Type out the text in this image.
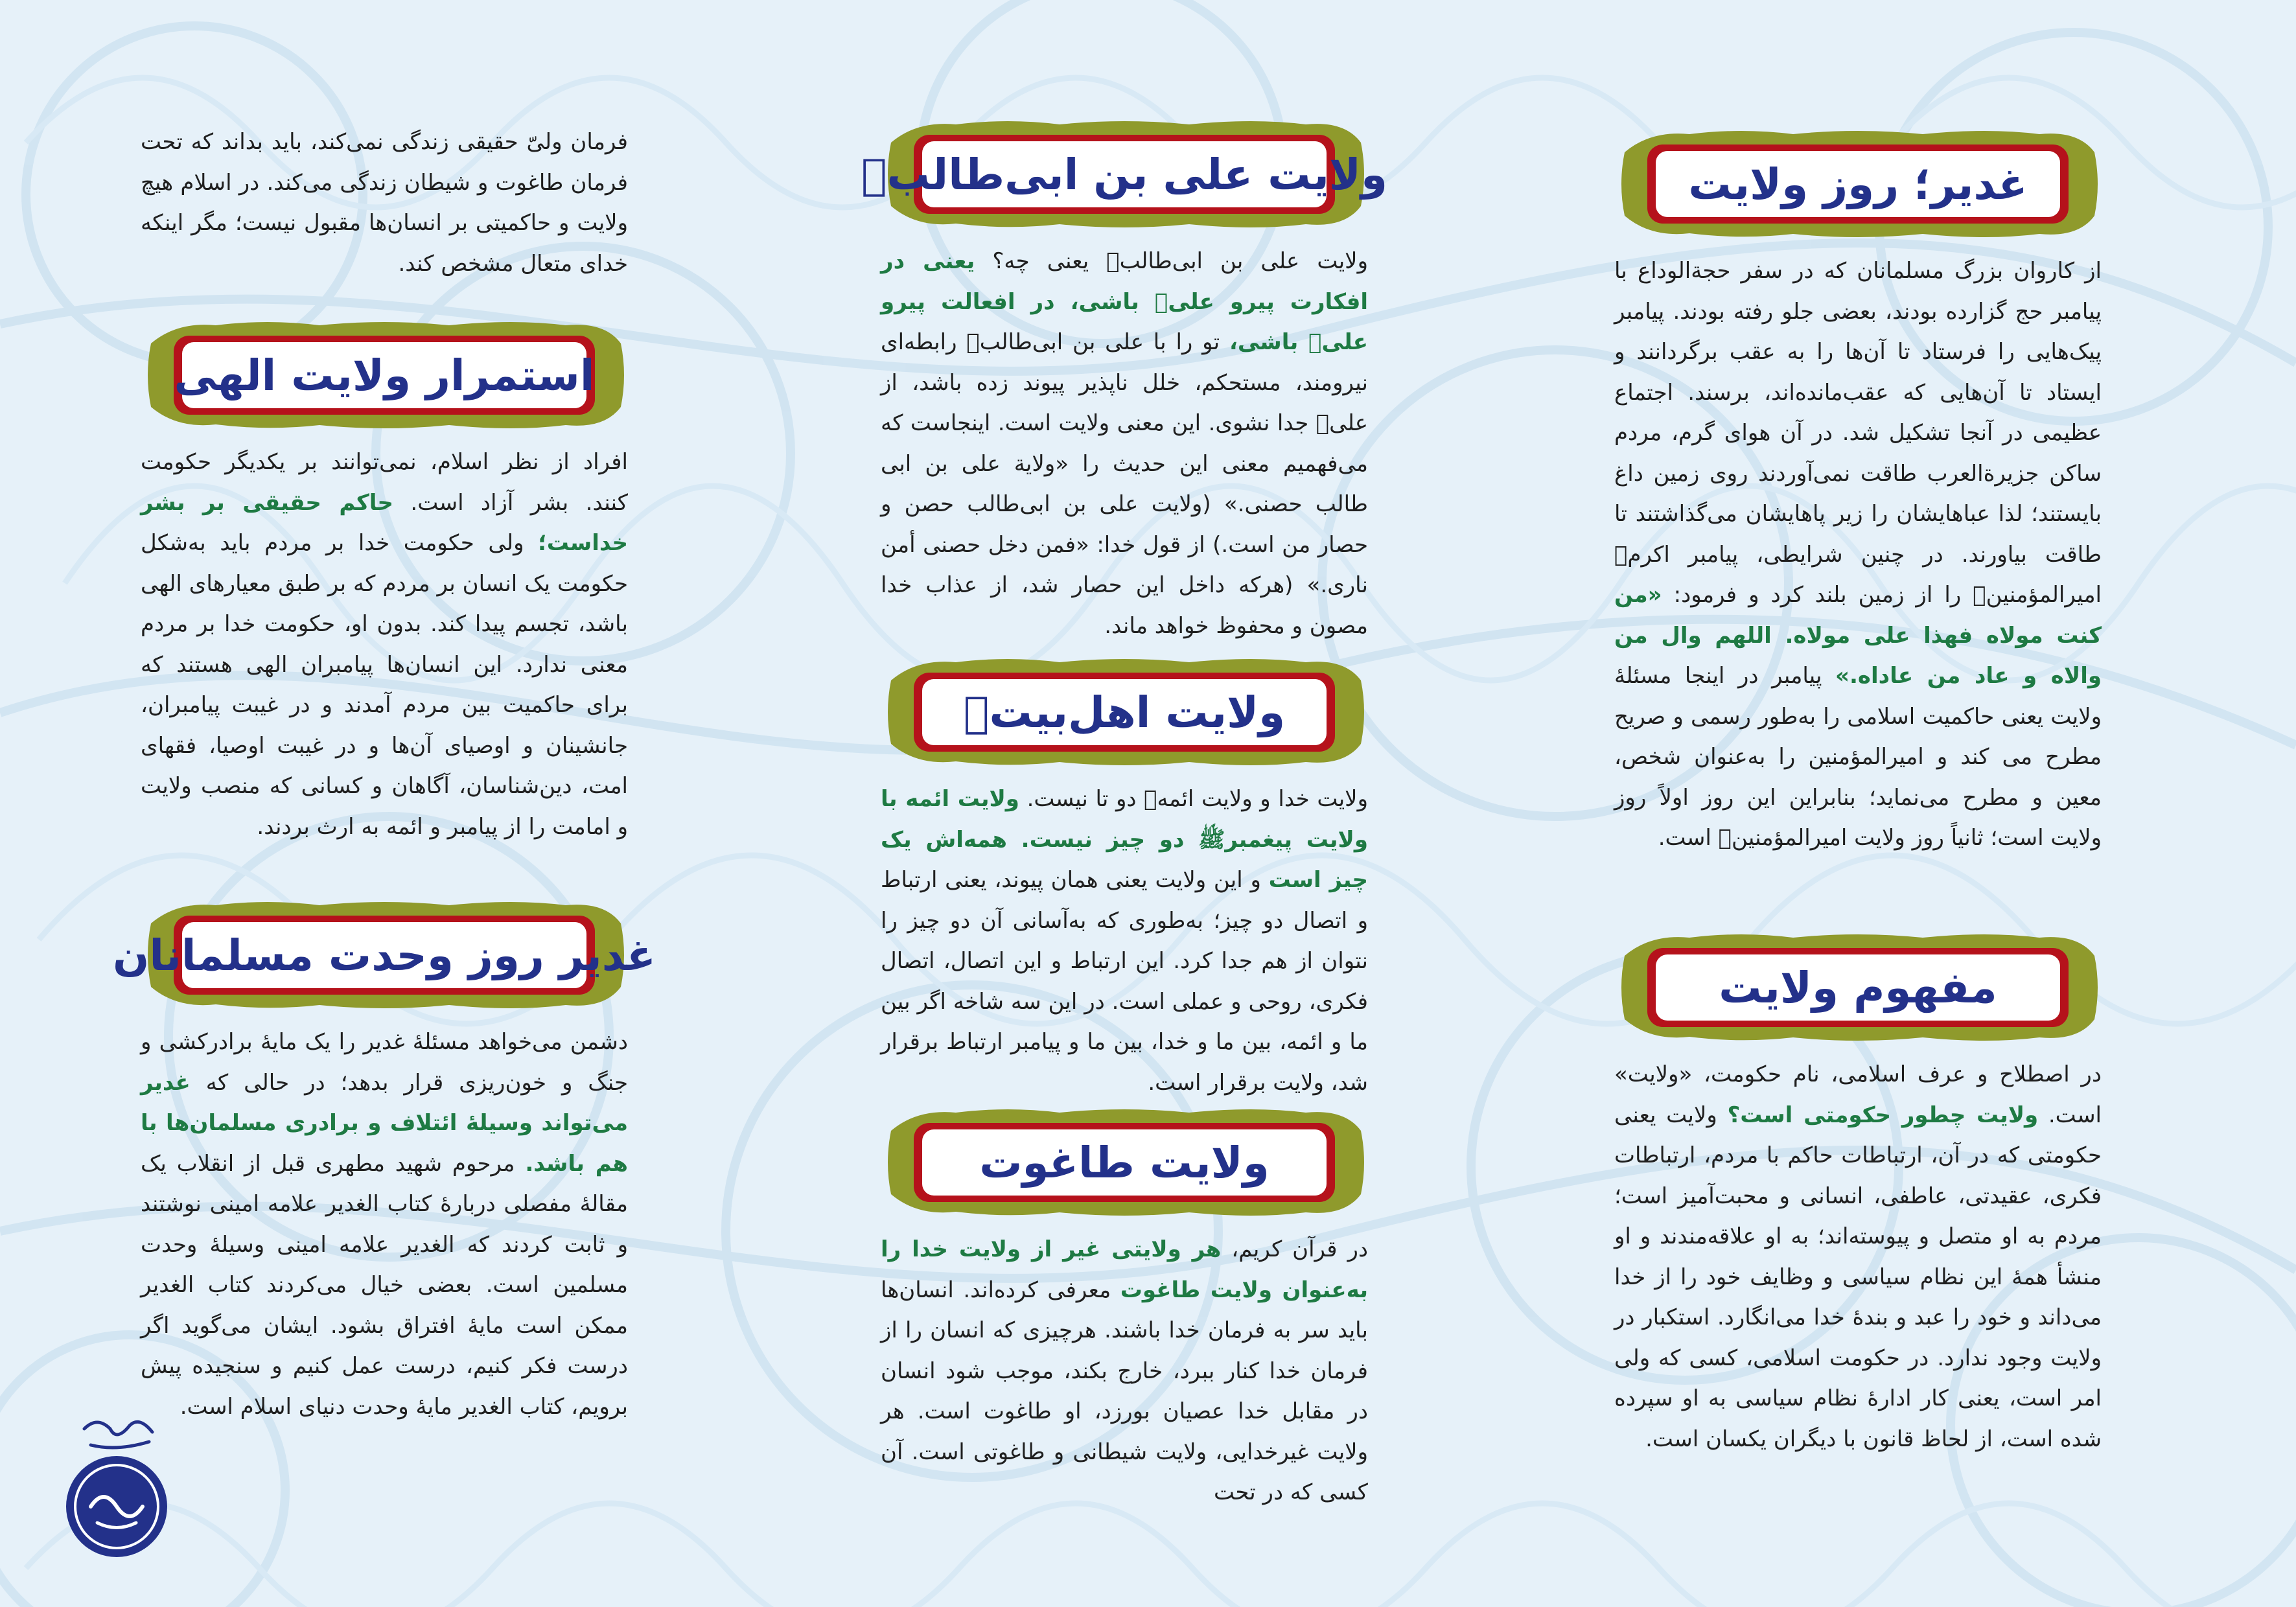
غدیر؛ روز ولایت
از کاروان بزرگ مسلمانان که در سفر حجة‌الوداع با پیامبر حج گزارده بودند، بعضی جلو رفته بودند. پیامبر پیک‌هایی را فرستاد تا آن‌ها را به عقب برگردانند و ایستاد تا آن‌هایی که عقب‌مانده‌اند، برسند. اجتماع عظیمی در آنجا تشکیل شد. در آن هوای گرم، مردم ساکن جزیرة‌العرب طاقت نمی‌آوردند روی زمین داغ بایستند؛ لذا عباهایشان را زیر پاهایشان می‌گذاشتند تا طاقت بیاورند. در چنین شرایطی، پیامبر اکرمﷺ امیرالمؤمنینؑ را از زمین بلند کرد و فرمود: «من کنت مولاه فهذا علی مولاه. اللهم وال من والاه و عاد من عاداه.» پیامبر در اینجا مسئلهٔ ولایت یعنی حاکمیت اسلامی را به‌طور رسمی و صریح مطرح می کند و امیرالمؤمنین را به‌عنوان شخص، معین و مطرح می‌نماید؛ بنابراین این روز اولاً روز ولایت است؛ ثانیاً روز ولایت امیرالمؤمنینؑ است.
مفهوم ولایت
در اصطلاح و عرف اسلامی، نام حکومت، «ولایت» است. ولایت چطور حکومتی است؟ ولایت یعنی حکومتی که در آن، ارتباطات حاکم با مردم، ارتباطات فکری، عقیدتی، عاطفی، انسانی و محبت‌آمیز است؛ مردم به او متصل و پیوسته‌اند؛ به او علاقه‌مندند و او منشأ همهٔ این نظام سیاسی و وظایف خود را از خدا می‌داند و خود را عبد و بندهٔ خدا می‌انگارد. استکبار در ولایت وجود ندارد. در حکومت اسلامی، کسی که ولی امر است، یعنی کار ادارهٔ نظام سیاسی به او سپرده شده است، از لحاظ قانون با دیگران یکسان است.
ولایت علی بن ابی‌طالبؑ
ولایت علی بن ابی‌طالبؑ یعنی چه؟ یعنی در افکارت پیرو علیؑ باشی، در افعالت پیرو علیؑ باشی، تو را با علی بن ابی‌طالبؑ رابطه‌ای نیرومند، مستحکم، خلل ناپذیر پیوند زده باشد، از علیؑ جدا نشوی. این معنی ولایت است. اینجاست که می‌فهمیم معنی این حدیث را «ولایة علی بن ابی طالب حصنی.» (ولایت علی بن ابی‌طالب حصن و حصار من است.) از قول خدا: «فمن دخل حصنی أمن ناری.» (هرکه داخل این حصار شد، از عذاب خدا مصون و محفوظ خواهد ماند.
ولایت اهل‌بیتؑ
ولایت خدا و ولایت ائمهؑ دو تا نیست. ولایت ائمه با ولایت پیغمبرﷺ دو چیز نیست. همه‌اش یک چیز است و این ولایت یعنی همان پیوند، یعنی ارتباط و اتصال دو چیز؛ به‌طوری که به‌آسانی آن دو چیز را نتوان از هم جدا کرد. این ارتباط و این اتصال، اتصال فکری، روحی و عملی است. در این سه شاخه اگر بین ما و ائمه، بین ما و خدا، بین ما و پیامبر ارتباط برقرار شد، ولایت برقرار است.
ولایت طاغوت
در قرآن کریم، هر ولایتی غیر از ولایت خدا را به‌عنوان ولایت طاغوت معرفی کرده‌اند. انسان‌ها باید سر به فرمان خدا باشند. هرچیزی که انسان را از فرمان خدا کنار ببرد، خارج بکند، موجب شود انسان در مقابل خدا عصیان بورزد، او طاغوت است. هر ولایت غیرخدایی، ولایت شیطانی و طاغوتی است. آن کسی که در تحت
فرمان ولیّ حقیقی زندگی نمی‌کند، باید بداند که تحت فرمان طاغوت و شیطان زندگی می‌کند. در اسلام هیچ ولایت و حاکمیتی بر انسان‌ها مقبول نیست؛ مگر اینکه خدای متعال مشخص کند.
استمرار ولایت الهی
افراد از نظر اسلام، نمی‌توانند بر یکدیگر حکومت کنند. بشر آزاد است. حاکم حقیقی بر بشر خداست؛ ولی حکومت خدا بر مردم باید به‌شکل حکومت یک انسان بر مردم که بر طبق معیارهای الهی باشد، تجسم پیدا کند. بدون او، حکومت خدا بر مردم معنی ندارد. این انسان‌ها پیامبران الهی هستند که برای حاکمیت بین مردم آمدند و در غیبت پیامبران، جانشینان و اوصیای آن‌ها و در غیبت اوصیا، فقهای امت، دین‌شناسان، آگاهان و کسانی که منصب ولایت و امامت را از پیامبر و ائمه به ارث بردند.
غدیر روز وحدت مسلمانان
دشمن می‌خواهد مسئلهٔ غدیر را یک مایهٔ برادرکشی و جنگ و خون‌ریزی قرار بدهد؛ در حالی که غدیر می‌تواند وسیلهٔ ائتلاف و برادری مسلمان‌ها با هم باشد. مرحوم شهید مطهری قبل از انقلاب یک مقالهٔ مفصلی دربارهٔ کتاب الغدیر علامه امینی نوشتند و ثابت کردند که الغدیر علامه امینی وسیلهٔ وحدت مسلمین است. بعضی خیال می‌کردند کتاب الغدیر ممکن است مایهٔ افتراق بشود. ایشان می‌گوید اگر درست فکر کنیم، درست عمل کنیم و سنجیده پیش برویم، کتاب الغدیر مایهٔ وحدت دنیای اسلام است.
